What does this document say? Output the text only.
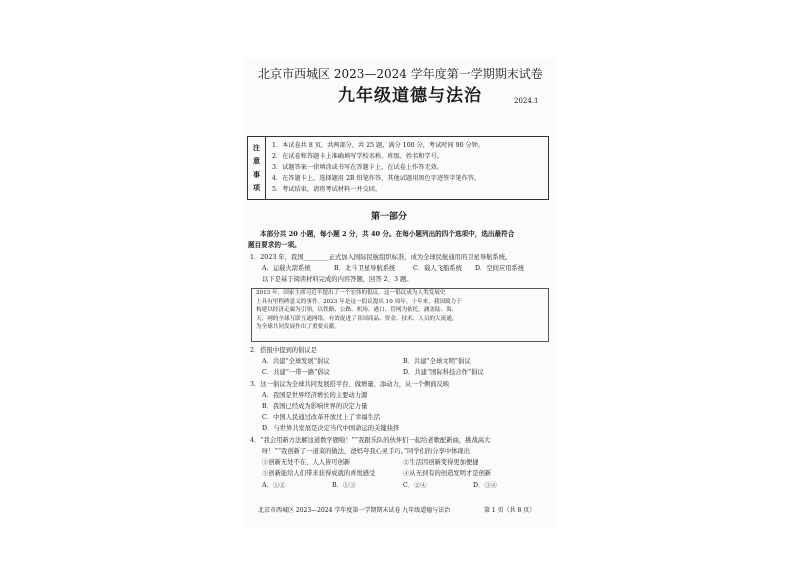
北京市西城区 2023—2024 学年度第一学期期末试卷
九年级道德与法治	2024.1
注
意
事
项
1．本试卷共 8 页，共两部分，共 25 题，满分 100 分，考试时间 90 分钟。
2．在试卷和答题卡上准确填写学校名称、班级、姓名和学号。
3．试题答案一律填涂或书写在答题卡上，在试卷上作答无效。
4．在答题卡上，选择题用 2B 铅笔作答，其他试题用黑色字迹签字笔作答。
5．考试结束，请将考试材料一并交回。
第一部分
本部分共 20 小题，每小题 2 分，共 40 分。在每小题列出的四个选项中，选出最符合
题目要求的一项。
1．2023 年，我国________正式加入国际民航组织标准，成为全球民航通用的卫星导航系统。
A．运载火箭系统	B．北斗卫星导航系统	C．载人飞船系统 D．空间应用系统
以下是基于阅读材料完成的内容答题，回答 2、3 题。
2013 年，国家主席习近平提出了一个宏伟的倡议，这一倡议成为人类发展史
上具有里程碑意义的事件。2023 年是这一倡议提出 10 周年。十年来，我国致力于
构建以经济走廊为引领，以铁路、公路、机场、港口、管网为依托，涵盖陆、海、
天、网的全球互联互通网络，有效促进了各国商品、资金、技术、人员的大流通，
为全球共同发展作出了重要贡献。
2．搭报中提到的倡议是
A．共建“全球发展”倡议	B．共建“全球文明”倡议
C．共建“一带一路”倡议	D．共建“国际科技合作”倡议
3．这一倡议为全球共同发展搭平台、做增量、添动力，从一个侧面反映
A．我国是世界经济增长的主要动力源
B．我国已经成为影响世界的决定力量
C．中国人民通过改革开放过上了幸福生活
D．与世界共发展是决定当代中国命运的关键抉择
4．“我会用新方法解这道数学题啦！”“我跟乐队的伙伴们一起给老歌配新曲，挑战高大
呀！”“我创新了一道菜的做法，爸妈夸我心灵手巧。”同学们的分享中体现出
①创新无处不在，人人皆可创新	②生活因创新变得更加便捷
③创新能给人们带来获得成就的喜悦感受	④从无到有的创造发明才是创新
A．①②	B．①③	C．②④	D．③④
北京市西城区 2023—2024 学年度第一学期期末试卷 九年级道德与法治	第 1 页（共 8 页）
